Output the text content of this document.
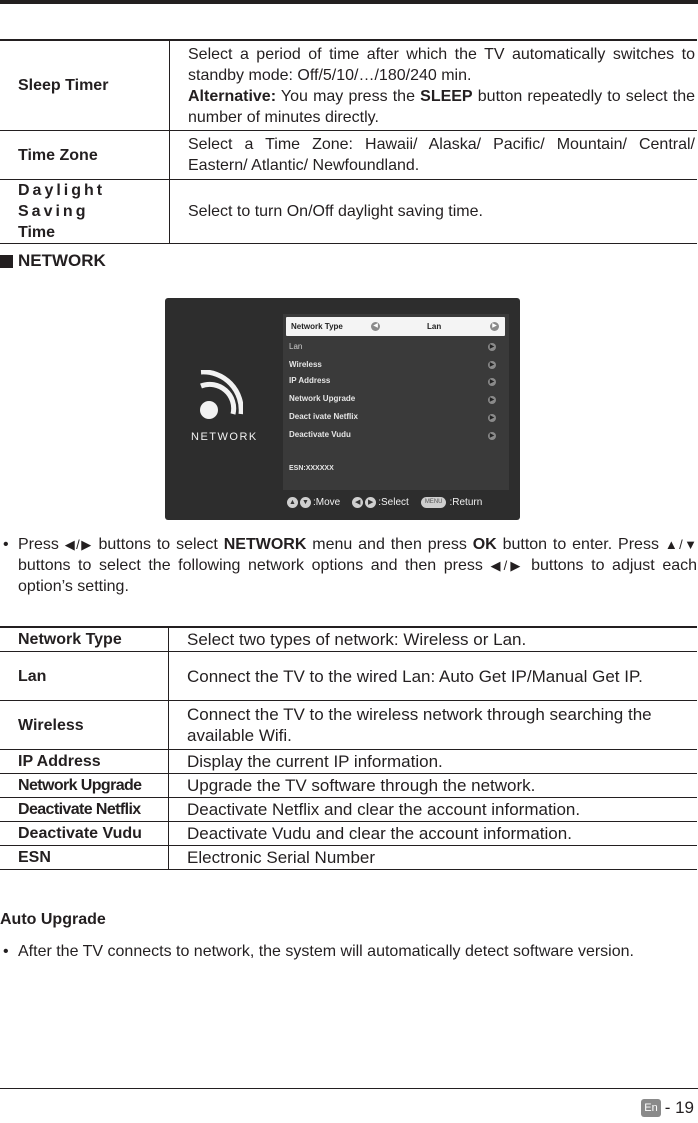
Sleep Timer	Select a period of time after which the TV automatically switches to standby mode: Off/5/10/…/180/240 min.
Alternative: You may press the SLEEP button repeatedly to select the number of minutes directly.

Time Zone	Select a Time Zone: Hawaii/ Alaska/ Pacific/ Mountain/ Central/ Eastern/ Atlantic/ Newfoundland.

Daylight Saving
Time	Select to turn On/Off daylight saving time.
NETWORK
NETWORK
Network Type	◀	Lan	▶
Lan	▶
Wireless	▶
IP Address	▶
Network Upgrade	▶
Deact ivate Netflix	▶
Deactivate Vudu	▶
ESN:XXXXXX
▲ ▼ :Move	◀	▶ :Select	MENU :Return
• Press ◀/▶ buttons to select NETWORK menu and then press OK button to enter. Press ▲/▼ buttons to select the following network options and then press ◀/▶ buttons to adjust each option’s setting.
Network Type	Select two types of network: Wireless or Lan.
Lan	Connect the TV to the wired Lan: Auto Get IP/Manual Get IP.
Wireless	Connect the TV to the wireless network through searching the available Wifi.
IP Address	Display the current IP information.
Network Upgrade	Upgrade the TV software through the network.
Deactivate Netflix	Deactivate Netflix and clear the account information.
Deactivate Vudu	Deactivate Vudu and clear the account information.
ESN	Electronic Serial Number
Auto Upgrade
• After the TV connects to network, the system will automatically detect software version.
En - 19
